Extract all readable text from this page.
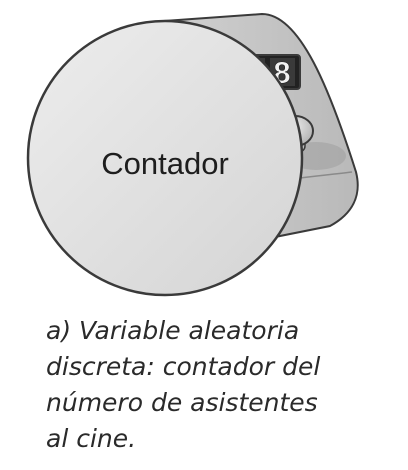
8
Contador

a) Variable aleatoria
discreta: contador del
número de asistentes
al cine.
